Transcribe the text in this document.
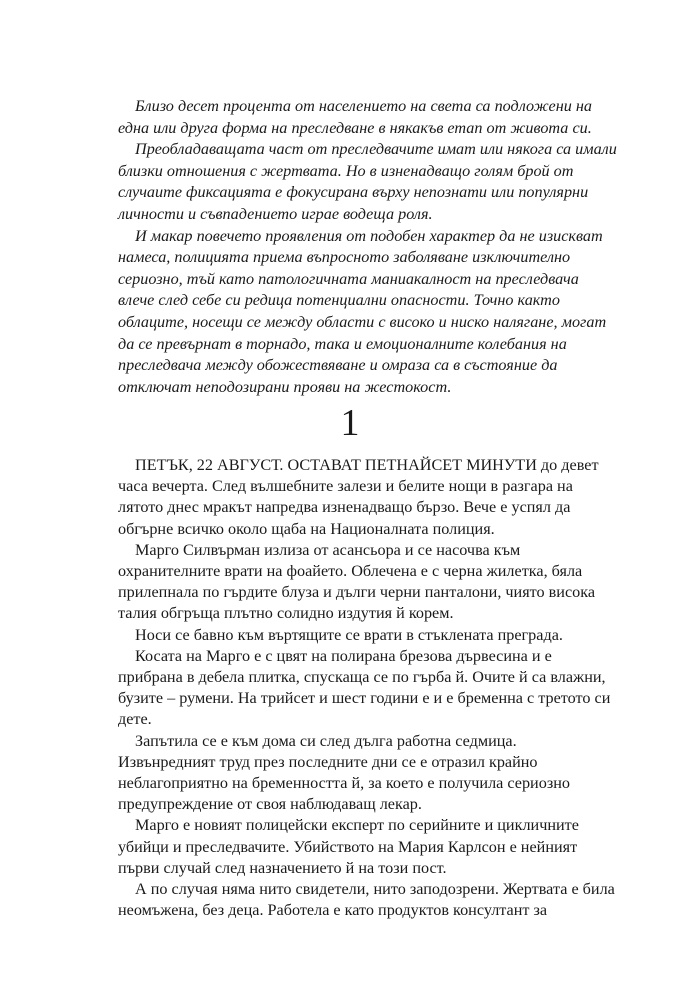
Близо десет процента от населението на света са подложени на една или друга форма на преследване в някакъв етап от живота си.

Преобладаващата част от преследвачите имат или някога са имали близки отношения с жертвата. Но в изненадващо голям брой от случаите фиксацията е фокусирана върху непознати или популярни личности и съвпадението играе водеща роля.

И макар повечето проявления от подобен характер да не изискват намеса, полицията приема въпросното заболяване изключително сериозно, тъй като патологичната маниакалност на преследвача влече след себе си редица потенциални опасности. Точно както облаците, носещи се между области с високо и ниско налягане, могат да се превърнат в торнадо, така и емоционалните колебания на преследвача между обожествяване и омраза са в състояние да отключат неподозирани прояви на жестокост.

1

ПЕТЪК, 22 АВГУСТ. ОСТАВАТ ПЕТНАЙСЕТ МИНУТИ до девет часа вечерта. След вълшебните залези и белите нощи в разгара на лятото днес мракът напредва изненадващо бързо. Вече е успял да обгърне всичко около щаба на Националната полиция.

Марго Силвърман излиза от асансьора и се насочва към охранителните врати на фоайето. Облечена е с черна жилетка, бяла прилепнала по гърдите блуза и дълги черни панталони, чиято висока талия обгръща плътно солидно издутия й корем.

Носи се бавно към въртящите се врати в стъклената преграда.

Косата на Марго е с цвят на полирана брезова дървесина и е прибрана в дебела плитка, спускаща се по гърба й. Очите й са влажни, бузите – румени. На трийсет и шест години е и е бременна с третото си дете.

Запътила се е към дома си след дълга работна седмица. Извънредният труд през последните дни се е отразил крайно неблагоприятно на бременността й, за което е получила сериозно предупреждение от своя наблюдаващ лекар.

Марго е новият полицейски експерт по серийните и цикличните убийци и преследвачите. Убийството на Мария Карлсон е нейният първи случай след назначението й на този пост.

А по случая няма нито свидетели, нито заподозрени. Жертвата е била неомъжена, без деца. Работела е като продуктов консултант за
